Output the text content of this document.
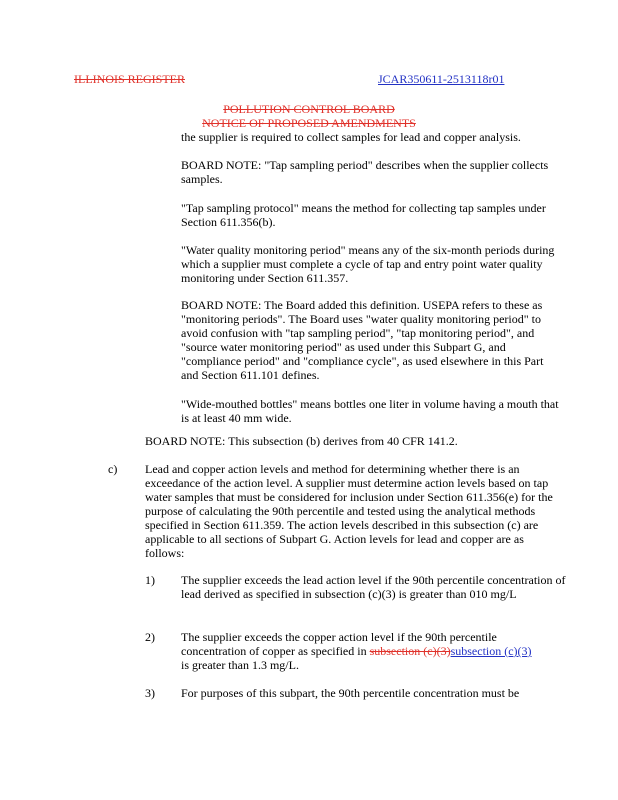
ILLINOIS REGISTER	JCAR350611-2513118r01
POLLUTION CONTROL BOARD
NOTICE OF PROPOSED AMENDMENTS
the supplier is required to collect samples for lead and copper analysis.
BOARD NOTE: "Tap sampling period" describes when the supplier collects samples.
"Tap sampling protocol" means the method for collecting tap samples under Section 611.356(b).
"Water quality monitoring period" means any of the six-month periods during which a supplier must complete a cycle of tap and entry point water quality monitoring under Section 611.357.
BOARD NOTE: The Board added this definition. USEPA refers to these as "monitoring periods". The Board uses "water quality monitoring period" to avoid confusion with "tap sampling period", "tap monitoring period", and "source water monitoring period" as used under this Subpart G, and "compliance period" and "compliance cycle", as used elsewhere in this Part and Section 611.101 defines.
"Wide-mouthed bottles" means bottles one liter in volume having a mouth that is at least 40 mm wide.
BOARD NOTE: This subsection (b) derives from 40 CFR 141.2.
c) Lead and copper action levels and method for determining whether there is an exceedance of the action level. A supplier must determine action levels based on tap water samples that must be considered for inclusion under Section 611.356(e) for the purpose of calculating the 90th percentile and tested using the analytical methods specified in Section 611.359. The action levels described in this subsection (c) are applicable to all sections of Subpart G. Action levels for lead and copper are as follows:
1) The supplier exceeds the lead action level if the 90th percentile concentration of lead derived as specified in subsection (c)(3) is greater than 010 mg/L
2) The supplier exceeds the copper action level if the 90th percentile
concentration of copper as specified in subsection (c)(3)subsection (c)(3)
is greater than 1.3 mg/L.
3) For purposes of this subpart, the 90th percentile concentration must be
